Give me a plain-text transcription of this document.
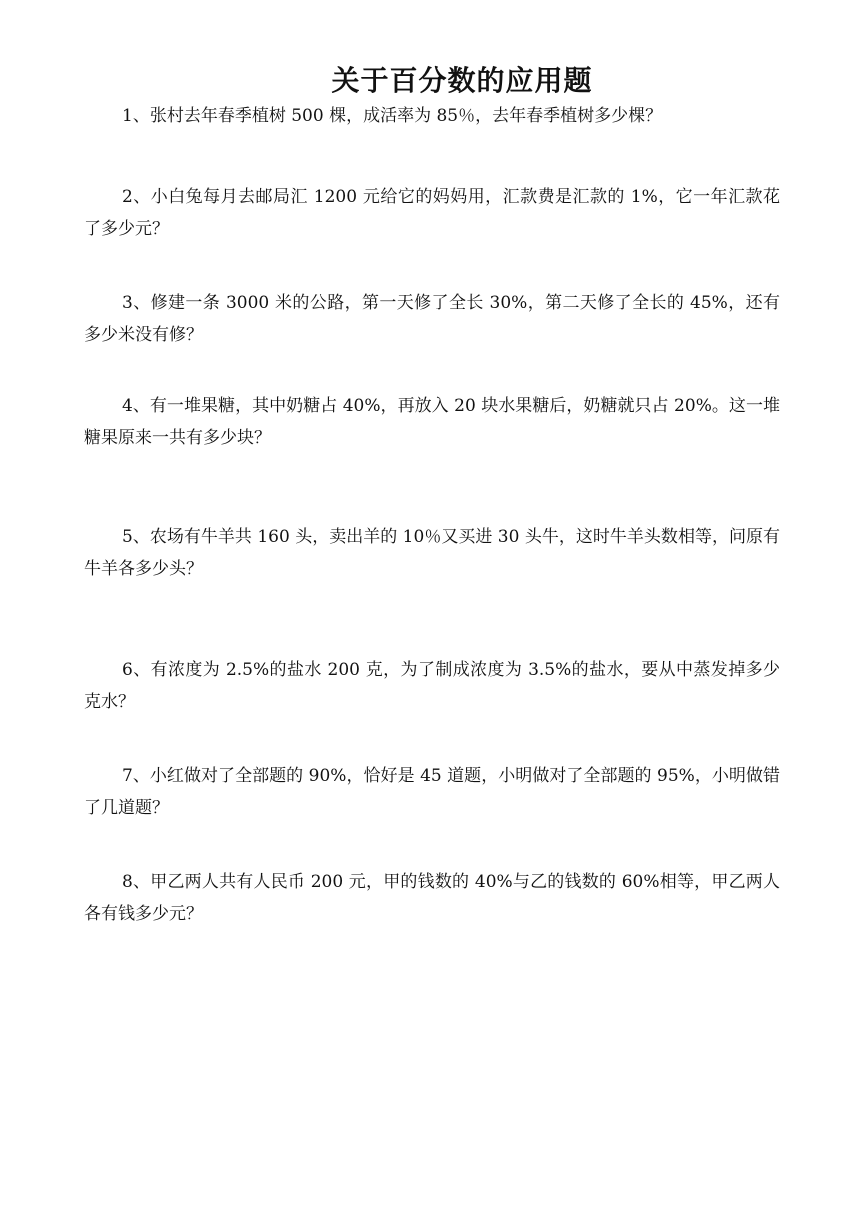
关于百分数的应用题
1、张村去年春季植树 500 棵，成活率为 85％，去年春季植树多少棵？
2、小白兔每月去邮局汇 1200 元给它的妈妈用，汇款费是汇款的 1%，它一年汇款花了多少元？
3、修建一条 3000 米的公路，第一天修了全长 30%，第二天修了全长的 45%，还有多少米没有修？
4、有一堆果糖，其中奶糖占 40%，再放入 20 块水果糖后，奶糖就只占 20%。这一堆糖果原来一共有多少块？
5、农场有牛羊共 160 头，卖出羊的 10％又买进 30 头牛，这时牛羊头数相等，问原有牛羊各多少头？
6、有浓度为 2.5%的盐水 200 克，为了制成浓度为 3.5%的盐水，要从中蒸发掉多少克水？
7、小红做对了全部题的 90%，恰好是 45 道题，小明做对了全部题的 95%，小明做错了几道题？
8、甲乙两人共有人民币 200 元，甲的钱数的 40%与乙的钱数的 60%相等，甲乙两人各有钱多少元？
